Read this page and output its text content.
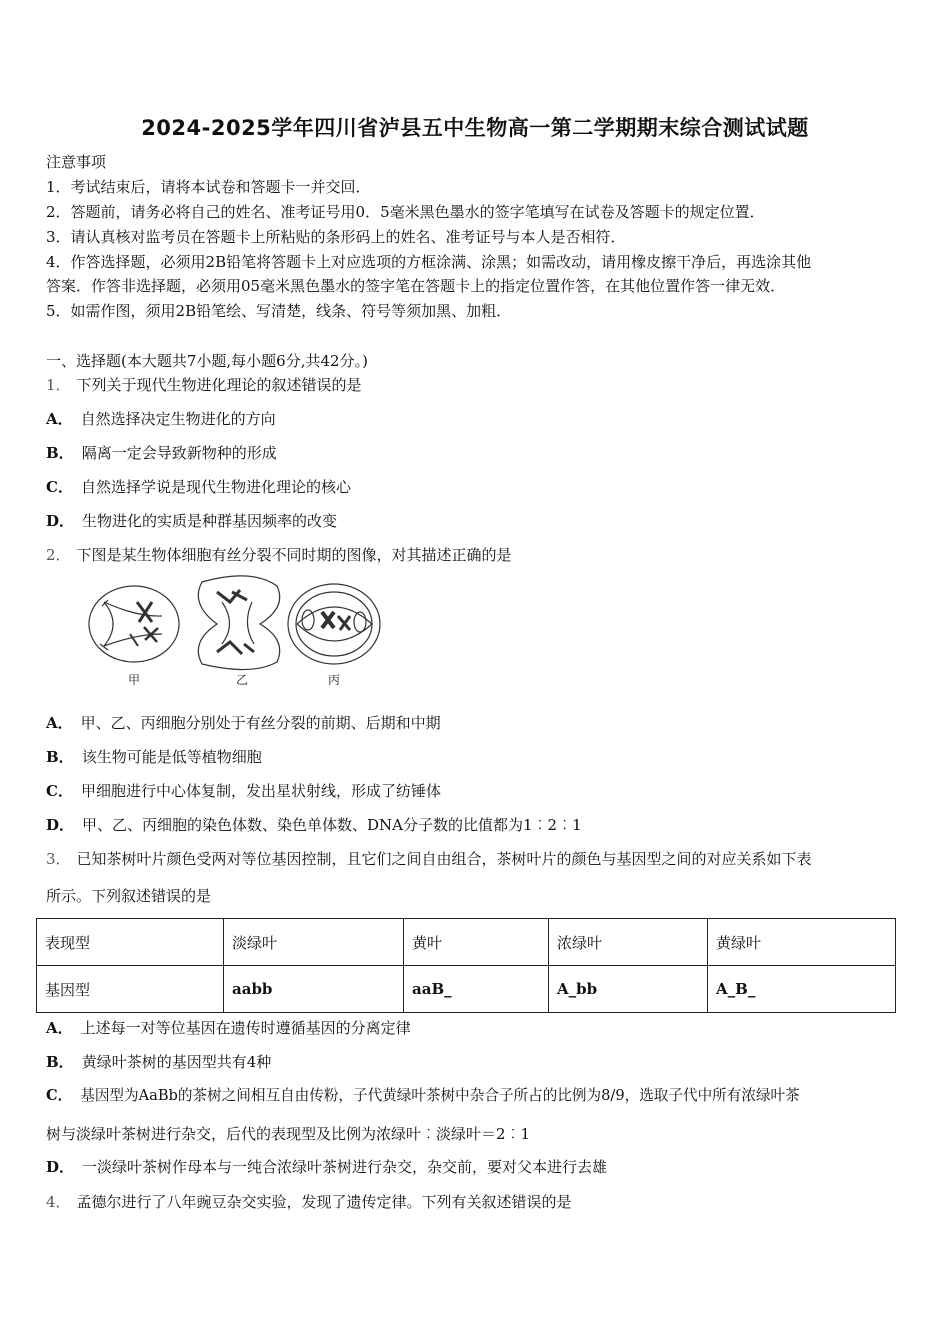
2024-2025学年四川省泸县五中生物高一第二学期期末综合测试试题
注意事项
1．考试结束后，请将本试卷和答题卡一并交回．
2．答题前，请务必将自己的姓名、准考证号用0．5毫米黑色墨水的签字笔填写在试卷及答题卡的规定位置．
3．请认真核对监考员在答题卡上所粘贴的条形码上的姓名、准考证号与本人是否相符．
4．作答选择题，必须用2B铅笔将答题卡上对应选项的方框涂满、涂黑；如需改动，请用橡皮擦干净后，再选涂其他
答案．作答非选择题，必须用05毫米黑色墨水的签字笔在答题卡上的指定位置作答，在其他位置作答一律无效．
5．如需作图，须用2B铅笔绘、写清楚，线条、符号等须加黑、加粗．
一、选择题(本大题共7小题,每小题6分,共42分。)
1． 下列关于现代生物进化理论的叙述错误的是
A． 自然选择决定生物进化的方向
B． 隔离一定会导致新物种的形成
C． 自然选择学说是现代生物进化理论的核心
D． 生物进化的实质是种群基因频率的改变
2． 下图是某生物体细胞有丝分裂不同时期的图像，对其描述正确的是
甲	乙	丙
A． 甲、乙、丙细胞分别处于有丝分裂的前期、后期和中期
B． 该生物可能是低等植物细胞
C． 甲细胞进行中心体复制，发出星状射线，形成了纺锤体
D． 甲、乙、丙细胞的染色体数、染色单体数、DNA分子数的比值都为1︰2︰1
3． 已知茶树叶片颜色受两对等位基因控制，且它们之间自由组合，茶树叶片的颜色与基因型之间的对应关系如下表
所示。下列叙述错误的是
表现型	淡绿叶	黄叶	浓绿叶	黄绿叶
基因型	aabb	aaB_	A_bb	A_B_
A． 上述每一对等位基因在遗传时遵循基因的分离定律
B． 黄绿叶茶树的基因型共有4种
C． 基因型为AaBb的茶树之间相互自由传粉，子代黄绿叶茶树中杂合子所占的比例为8/9，选取子代中所有浓绿叶茶
树与淡绿叶茶树进行杂交，后代的表现型及比例为浓绿叶︰淡绿叶＝2︰1
D． 一淡绿叶茶树作母本与一纯合浓绿叶茶树进行杂交，杂交前，要对父本进行去雄
4． 孟德尔进行了八年豌豆杂交实验，发现了遗传定律。下列有关叙述错误的是
